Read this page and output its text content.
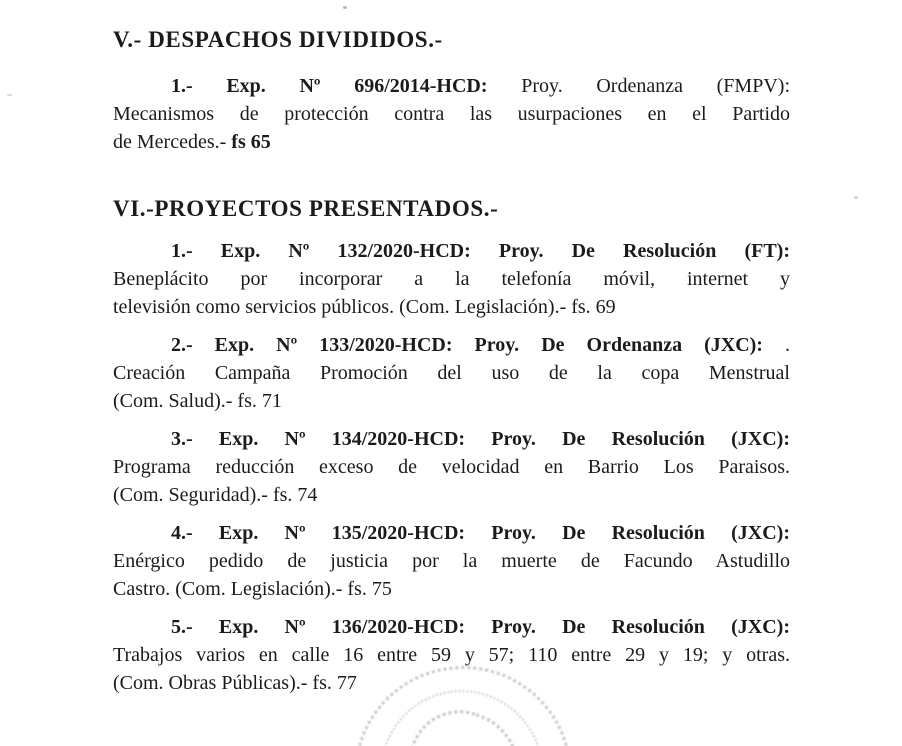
V.- DESPACHOS DIVIDIDOS.-

1.- Exp. Nº 696/2014-HCD: Proy. Ordenanza (FMPV):

Mecanismos de protección contra las usurpaciones en el Partido
de Mercedes.- fs 65
VI.-PROYECTOS PRESENTADOS.-

1.- Exp. Nº 132/2020-HCD: Proy. De Resolución (FT):

Beneplácito por incorporar a la telefonía móvil, internet y
televisión como servicios públicos. (Com. Legislación).- fs. 69

2.- Exp. Nº 133/2020-HCD: Proy. De Ordenanza (JXC): .

Creación Campaña Promoción del uso de la copa Menstrual
(Com. Salud).- fs. 71

3.- Exp. Nº 134/2020-HCD: Proy. De Resolución (JXC):

Programa reducción exceso de velocidad en Barrio Los Paraisos.
(Com. Seguridad).- fs. 74

4.- Exp. Nº 135/2020-HCD: Proy. De Resolución (JXC):

Enérgico pedido de justicia por la muerte de Facundo Astudillo
Castro. (Com. Legislación).- fs. 75

5.- Exp. Nº 136/2020-HCD: Proy. De Resolución (JXC):

Trabajos varios en calle 16 entre 59 y 57; 110 entre 29 y 19; y otras.
(Com. Obras Públicas).- fs. 77
